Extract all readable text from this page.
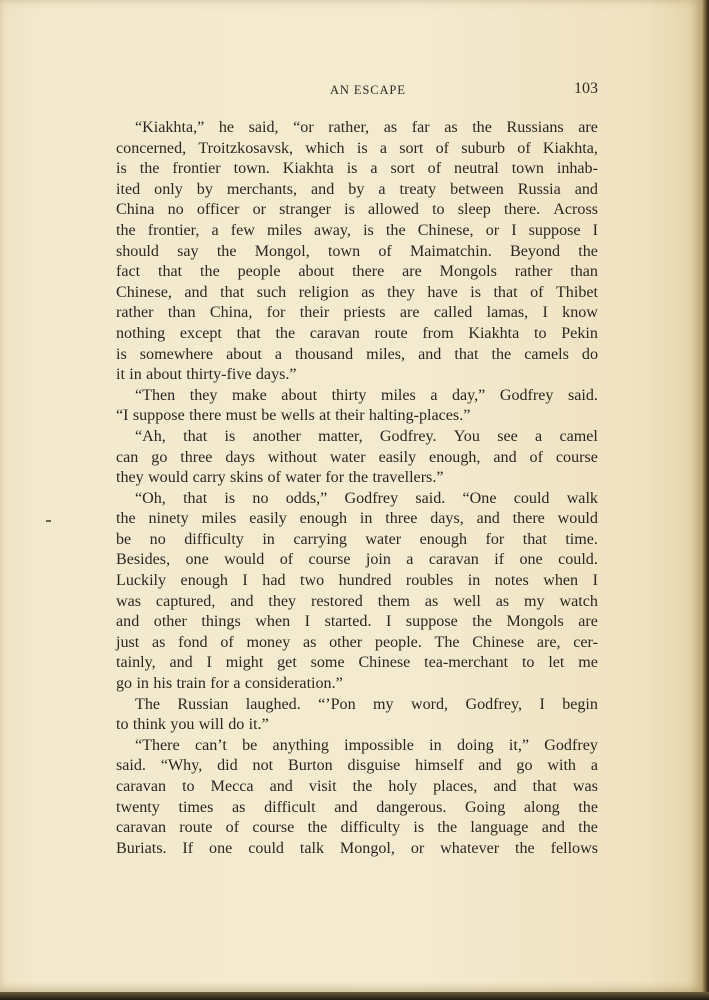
AN ESCAPE	103
“Kiakhta,” he said, “or rather, as far as the Russians are
concerned, Troitzkosavsk, which is a sort of suburb of Kiakhta,
is the frontier town. Kiakhta is a sort of neutral town inhab-
ited only by merchants, and by a treaty between Russia and
China no officer or stranger is allowed to sleep there. Across
the frontier, a few miles away, is the Chinese, or I suppose I
should say the Mongol, town of Maimatchin. Beyond the
fact that the people about there are Mongols rather than
Chinese, and that such religion as they have is that of Thibet
rather than China, for their priests are called lamas, I know
nothing except that the caravan route from Kiakhta to Pekin
is somewhere about a thousand miles, and that the camels do
it in about thirty-five days.”
“Then they make about thirty miles a day,” Godfrey said.
“I suppose there must be wells at their halting-places.”
“Ah, that is another matter, Godfrey. You see a camel
can go three days without water easily enough, and of course
they would carry skins of water for the travellers.”
“Oh, that is no odds,” Godfrey said. “One could walk
the ninety miles easily enough in three days, and there would
be no difficulty in carrying water enough for that time.
Besides, one would of course join a caravan if one could.
Luckily enough I had two hundred roubles in notes when I
was captured, and they restored them as well as my watch
and other things when I started. I suppose the Mongols are
just as fond of money as other people. The Chinese are, cer-
tainly, and I might get some Chinese tea-merchant to let me
go in his train for a consideration.”
The Russian laughed. “’Pon my word, Godfrey, I begin
to think you will do it.”
“There can’t be anything impossible in doing it,” Godfrey
said. “Why, did not Burton disguise himself and go with a
caravan to Mecca and visit the holy places, and that was
twenty times as difficult and dangerous. Going along the
caravan route of course the difficulty is the language and the
Buriats. If one could talk Mongol, or whatever the fellows
